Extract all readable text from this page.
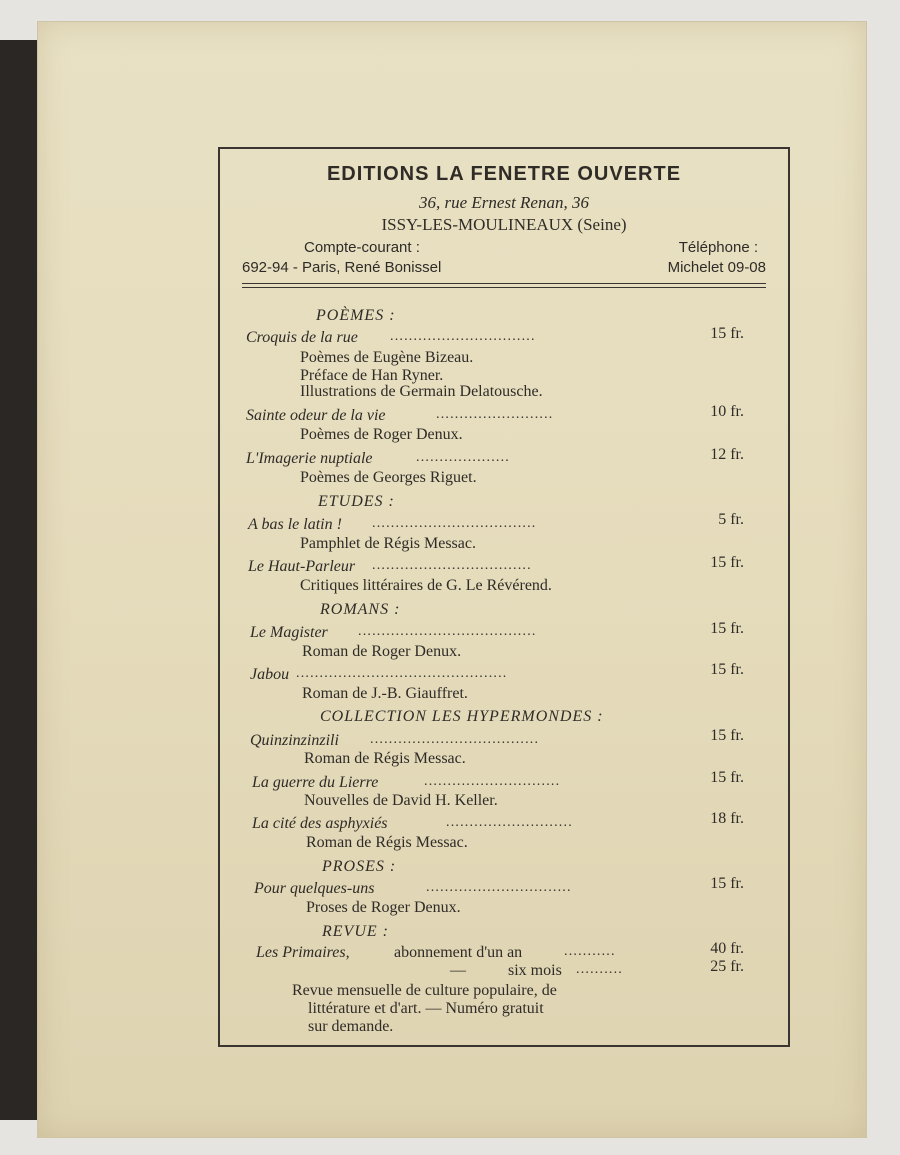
EDITIONS LA FENETRE OUVERTE
36, rue Ernest Renan, 36
ISSY-LES-MOULINEAUX (Seine)
Compte-courant :
692-94 - Paris, René Bonissel
Téléphone :
Michelet 09-08
POÈMES :
Croquis de la rue ...............................	15 fr.
Poèmes de Eugène Bizeau.
Préface de Han Ryner.
Illustrations de Germain Delatousche.
Sainte odeur de la vie	.........................	10 fr.
Poèmes de Roger Denux.
L'Imagerie nuptiale	....................	12 fr.
Poèmes de Georges Riguet.
ETUDES :
A bas le latin ! ...................................	5 fr.
Pamphlet de Régis Messac.
Le Haut-Parleur ..................................	15 fr.
Critiques littéraires de G. Le Révérend.
ROMANS :
Le Magister ......................................	15 fr.
Roman de Roger Denux.
Jabou .............................................	15 fr.
Roman de J.-B. Giauffret.
COLLECTION LES HYPERMONDES :
Quinzinzinzili ....................................	15 fr.
Roman de Régis Messac.
La guerre du Lierre	.............................	15 fr.
Nouvelles de David H. Keller.
La cité des asphyxiés	...........................	18 fr.
Roman de Régis Messac.
PROSES :
Pour quelques-uns	...............................	15 fr.
Proses de Roger Denux.
REVUE :
Les Primaires,	abonnement d'un an	...........	40 fr.
—	six mois ..........	25 fr.
Revue mensuelle de culture populaire, de
littérature et d'art. — Numéro gratuit
sur demande.
